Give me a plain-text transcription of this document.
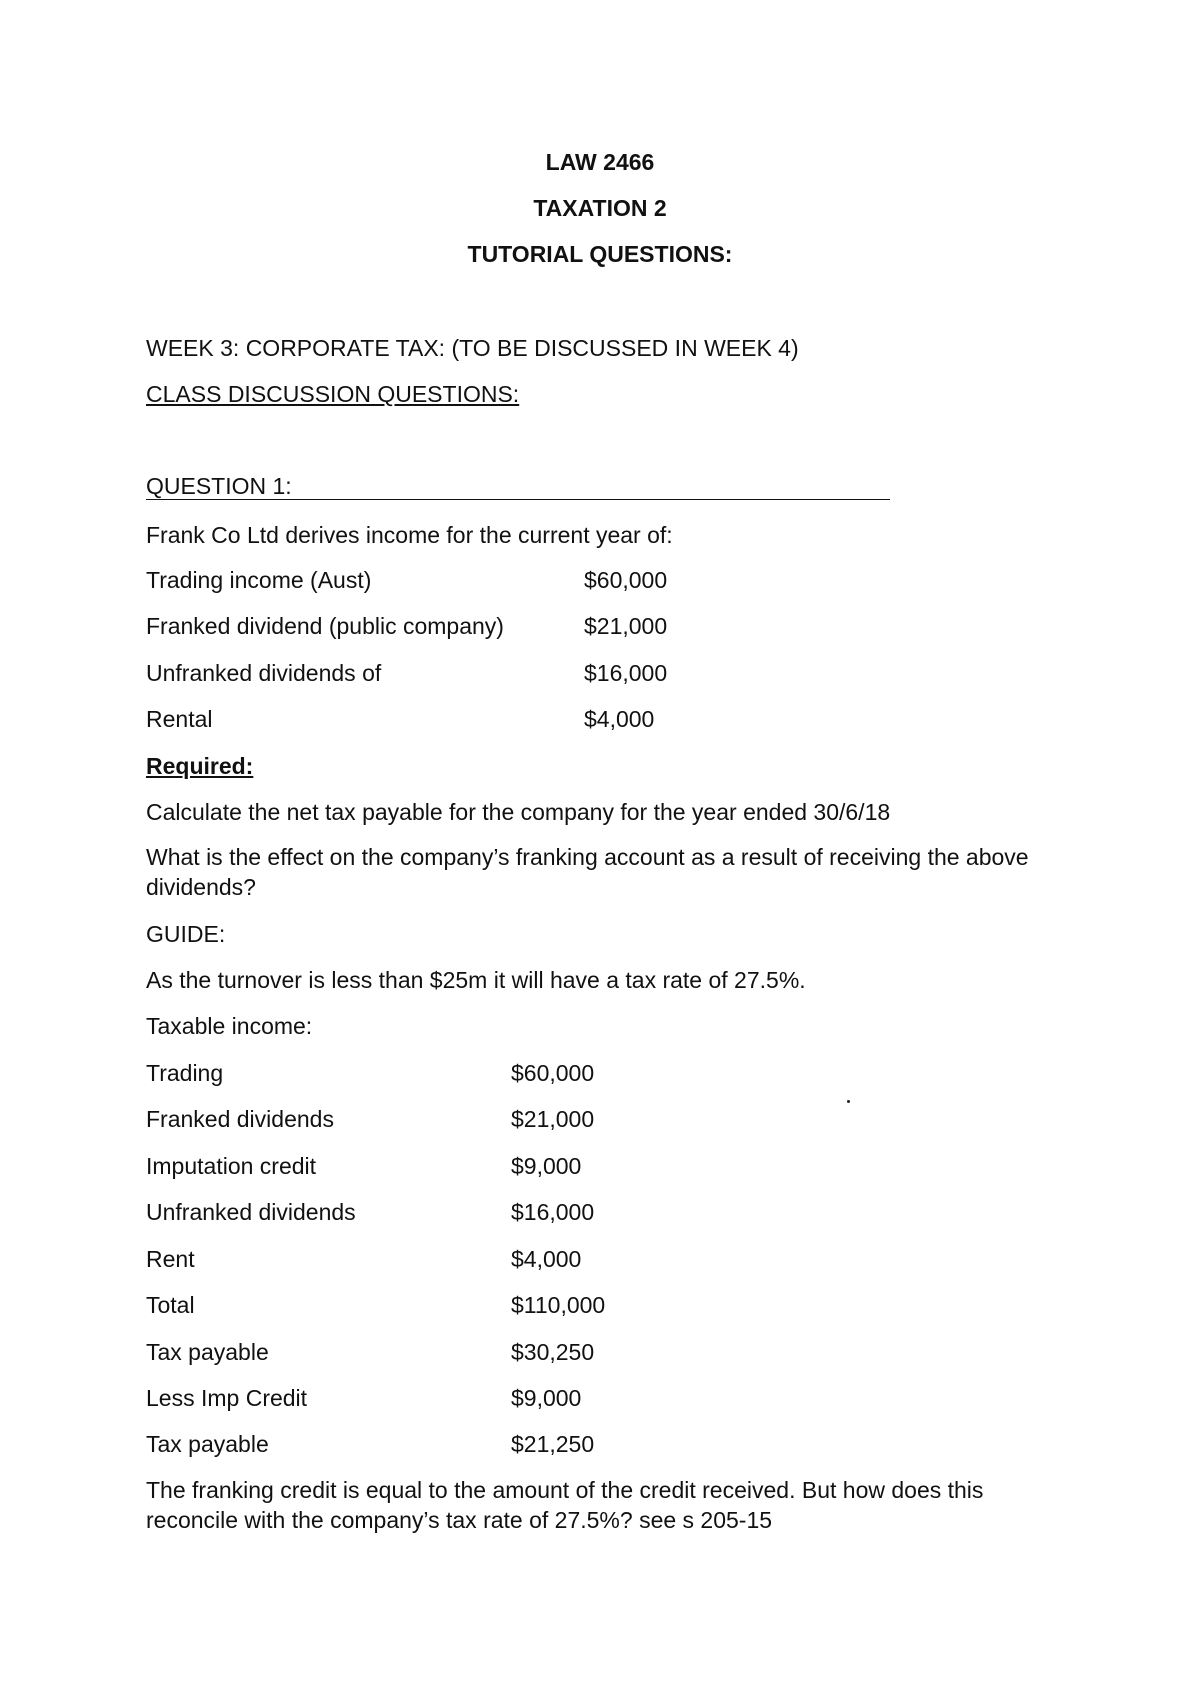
LAW 2466
TAXATION 2
TUTORIAL QUESTIONS:
WEEK 3: CORPORATE TAX: (TO BE DISCUSSED IN WEEK 4)
CLASS DISCUSSION QUESTIONS:
QUESTION 1:
Frank Co Ltd derives income for the current year of:
Trading income (Aust)	$60,000
Franked dividend (public company)	$21,000
Unfranked dividends of	$16,000
Rental	$4,000
Required:
Calculate the net tax payable for the company for the year ended 30/6/18
What is the effect on the company’s franking account as a result of receiving the above dividends?
GUIDE:
As the turnover is less than $25m it will have a tax rate of 27.5%.
Taxable income:
Trading	$60,000
Franked dividends	$21,000
Imputation credit	$9,000
Unfranked dividends	$16,000
Rent	$4,000
Total	$110,000
Tax payable	$30,250
Less Imp Credit	$9,000
Tax payable	$21,250
The franking credit is equal to the amount of the credit received. But how does this reconcile with the company’s tax rate of 27.5%? see s 205-15
